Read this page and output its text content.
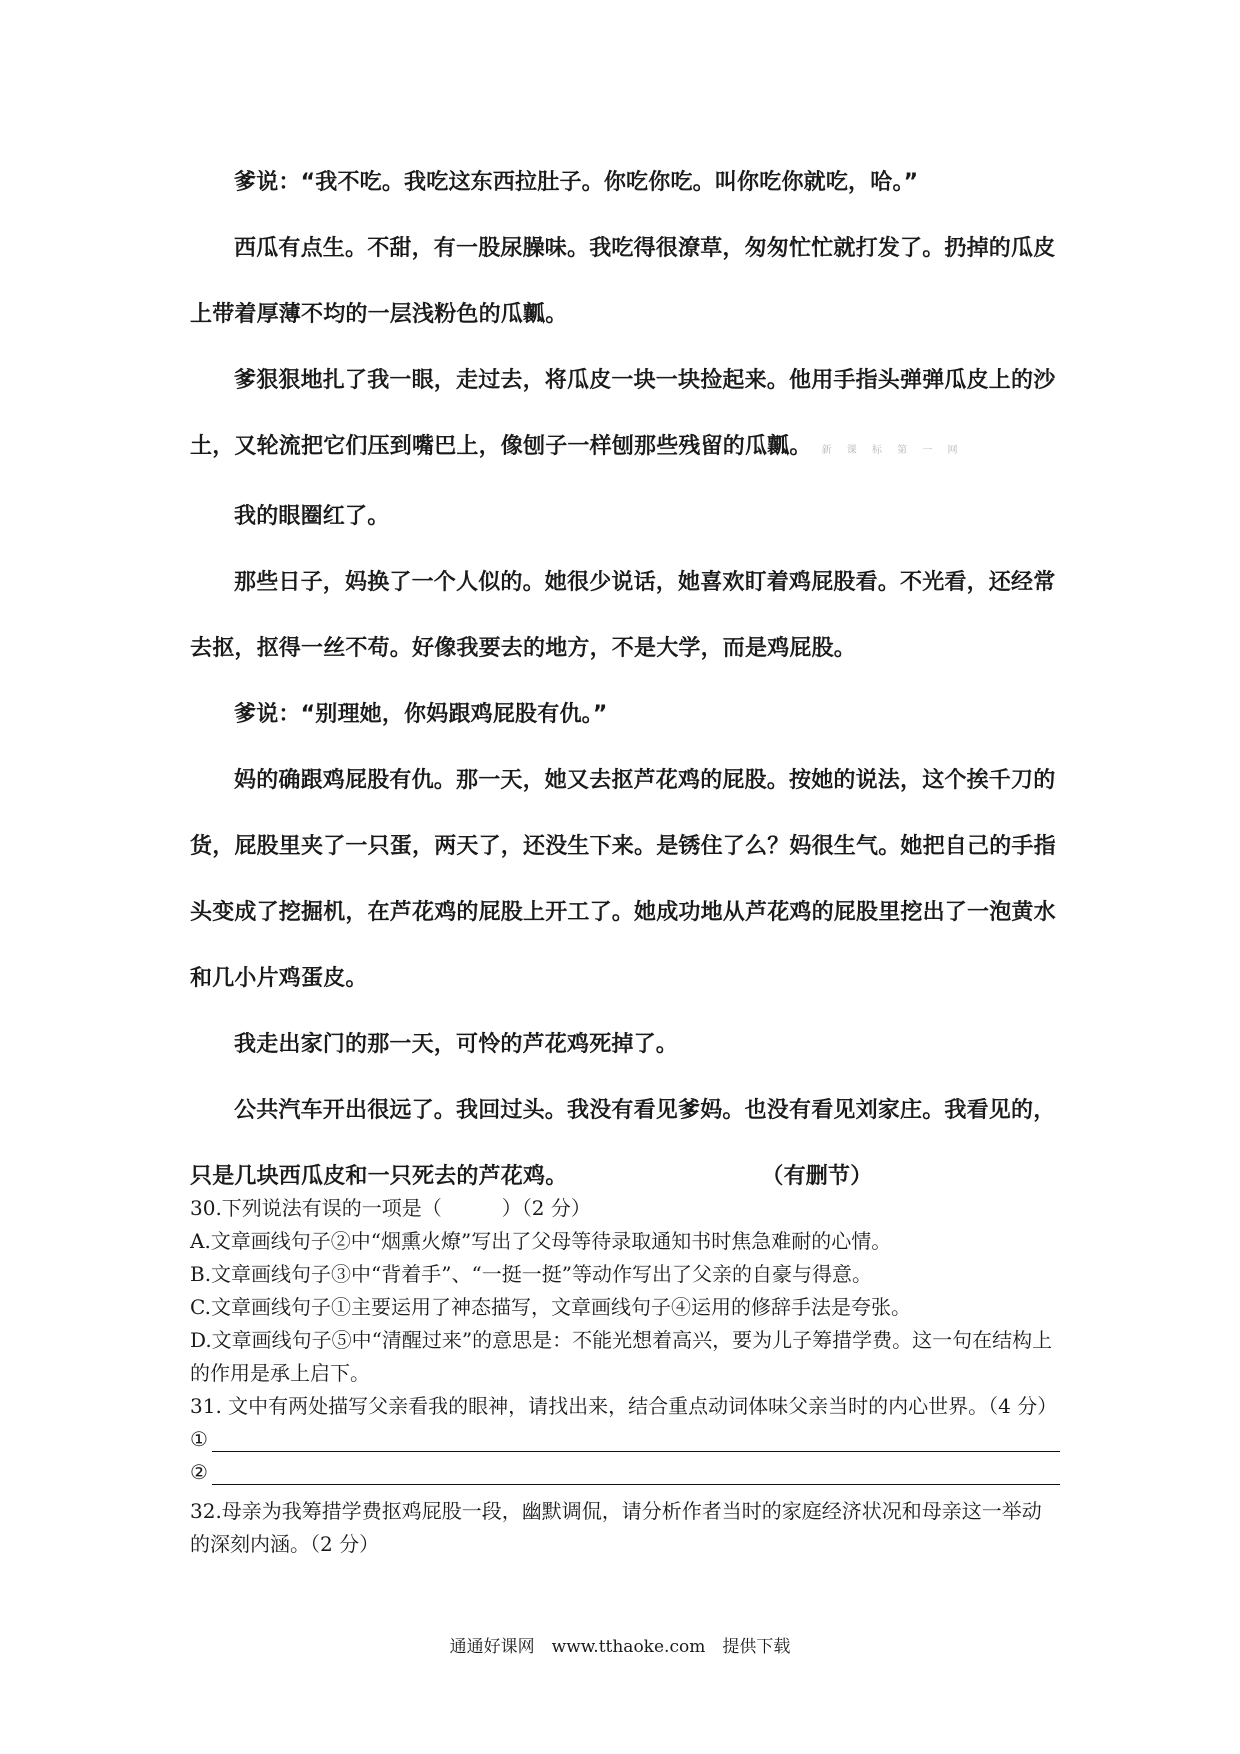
爹说：“我不吃。我吃这东西拉肚子。你吃你吃。叫你吃你就吃，哈。”

西瓜有点生。不甜，有一股尿臊味。我吃得很潦草，匆匆忙忙就打发了。扔掉的瓜皮上带着厚薄不均的一层浅粉色的瓜瓤。

爹狠狠地扎了我一眼，走过去，将瓜皮一块一块捡起来。他用手指头弹弹瓜皮上的沙土，又轮流把它们压到嘴巴上，像刨子一样刨那些残留的瓜瓤。 新 课 标 第 一 网

我的眼圈红了。

那些日子，妈换了一个人似的。她很少说话，她喜欢盯着鸡屁股看。不光看，还经常去抠，抠得一丝不苟。好像我要去的地方，不是大学，而是鸡屁股。

爹说：“别理她，你妈跟鸡屁股有仇。”

妈的确跟鸡屁股有仇。那一天，她又去抠芦花鸡的屁股。按她的说法，这个挨千刀的货，屁股里夹了一只蛋，两天了，还没生下来。是锈住了么？妈很生气。她把自己的手指头变成了挖掘机，在芦花鸡的屁股上开工了。她成功地从芦花鸡的屁股里挖出了一泡黄水和几小片鸡蛋皮。

我走出家门的那一天，可怜的芦花鸡死掉了。

公共汽车开出很远了。我回过头。我没有看见爹妈。也没有看见刘家庄。我看见的，只是几块西瓜皮和一只死去的芦花鸡。	（有删节）

30.下列说法有误的一项是（　　　）（2 分）

A.文章画线句子②中“烟熏火燎”写出了父母等待录取通知书时焦急难耐的心情。

B.文章画线句子③中“背着手”、“一挺一挺”等动作写出了父亲的自豪与得意。

C.文章画线句子①主要运用了神态描写，文章画线句子④运用的修辞手法是夸张。

D.文章画线句子⑤中“清醒过来”的意思是：不能光想着高兴，要为儿子筹措学费。这一句在结构上的作用是承上启下。

31. 文中有两处描写父亲看我的眼神，请找出来，结合重点动词体味父亲当时的内心世界。（4 分）

①
②

32.母亲为我筹措学费抠鸡屁股一段，幽默调侃，请分析作者当时的家庭经济状况和母亲这一举动的深刻内涵。（2 分）

通通好课网　www.tthaoke.com　提供下载
